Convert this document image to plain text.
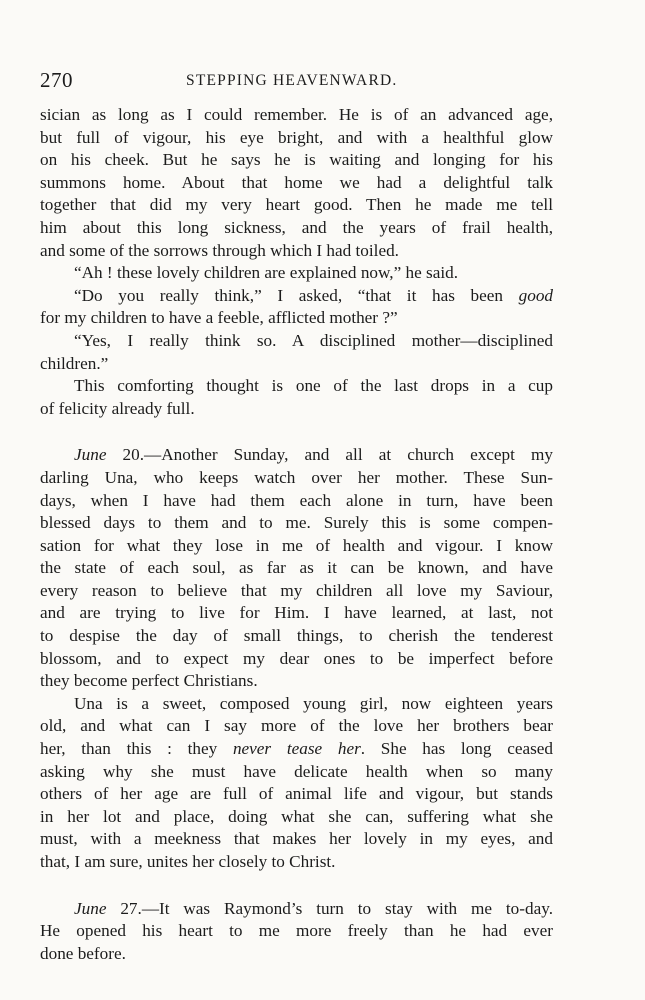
270	STEPPING HEAVENWARD.
sician as long as I could remember. He is of an advanced age,
but full of vigour, his eye bright, and with a healthful glow
on his cheek. But he says he is waiting and longing for his
summons home. About that home we had a delightful talk
together that did my very heart good. Then he made me tell
him about this long sickness, and the years of frail health,
and some of the sorrows through which I had toiled.
“Ah ! these lovely children are explained now,” he said.
“Do you really think,” I asked, “that it has been good
for my children to have a feeble, afflicted mother ?”
“Yes, I really think so. A disciplined mother—disciplined
children.”
This comforting thought is one of the last drops in a cup
of felicity already full.
June 20.—Another Sunday, and all at church except my
darling Una, who keeps watch over her mother. These Sun-
days, when I have had them each alone in turn, have been
blessed days to them and to me. Surely this is some compen-
sation for what they lose in me of health and vigour. I know
the state of each soul, as far as it can be known, and have
every reason to believe that my children all love my Saviour,
and are trying to live for Him. I have learned, at last, not
to despise the day of small things, to cherish the tenderest
blossom, and to expect my dear ones to be imperfect before
they become perfect Christians.
Una is a sweet, composed young girl, now eighteen years
old, and what can I say more of the love her brothers bear
her, than this : they never tease her. She has long ceased
asking why she must have delicate health when so many
others of her age are full of animal life and vigour, but stands
in her lot and place, doing what she can, suffering what she
must, with a meekness that makes her lovely in my eyes, and
that, I am sure, unites her closely to Christ.
June 27.—It was Raymond’s turn to stay with me to-day.
He opened his heart to me more freely than he had ever
done before.
